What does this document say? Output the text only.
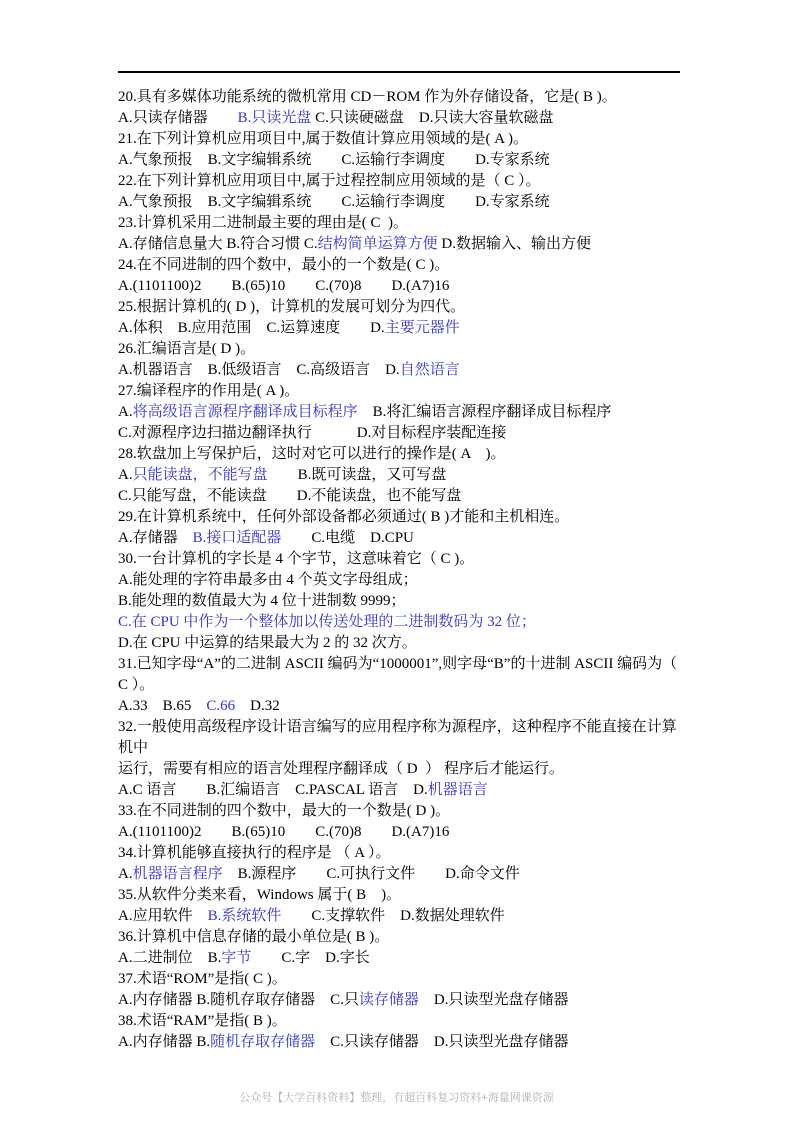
20.具有多媒体功能系统的微机常用 CD－ROM 作为外存储设备，它是( B )。
A.只读存储器　　B.只读光盘 C.只读硬磁盘　D.只读大容量软磁盘
21.在下列计算机应用项目中,属于数值计算应用领域的是( A )。
A.气象预报　B.文字编辑系统　　C.运输行李调度　　D.专家系统
22.在下列计算机应用项目中,属于过程控制应用领域的是（ C ）。
A.气象预报　B.文字编辑系统　　C.运输行李调度　　D.专家系统
23.计算机采用二进制最主要的理由是( C  )。
A.存储信息量大 B.符合习惯 C.结构简单运算方便 D.数据输入、输出方便
24.在不同进制的四个数中，最小的一个数是( C )。
A.(1101100)2　　B.(65)10　　C.(70)8　　D.(A7)16
25.根据计算机的( D )，计算机的发展可划分为四代。
A.体积　B.应用范围　C.运算速度　　D.主要元器件
26.汇编语言是( D )。
A.机器语言　B.低级语言　C.高级语言　D.自然语言
27.编译程序的作用是( A )。
A.将高级语言源程序翻译成目标程序　B.将汇编语言源程序翻译成目标程序
C.对源程序边扫描边翻译执行　　　D.对目标程序装配连接
28.软盘加上写保护后，这时对它可以进行的操作是( A　)。
A.只能读盘，不能写盘　　B.既可读盘，又可写盘
C.只能写盘，不能读盘　　D.不能读盘，也不能写盘
29.在计算机系统中，任何外部设备都必须通过( B )才能和主机相连。
A.存储器　B.接口适配器　　C.电缆　D.CPU
30.一台计算机的字长是 4 个字节，这意味着它（ C )。
A.能处理的字符串最多由 4 个英文字母组成；
B.能处理的数值最大为 4 位十进制数 9999；
C.在 CPU 中作为一个整体加以传送处理的二进制数码为 32 位；
D.在 CPU 中运算的结果最大为 2 的 32 次方。
31.已知字母“A”的二进制 ASCII 编码为“1000001”,则字母“B”的十进制 ASCII 编码为（ C ）。
A.33　B.65　C.66　D.32
32.一般使用高级程序设计语言编写的应用程序称为源程序，这种程序不能直接在计算机中
运行，需要有相应的语言处理程序翻译成（ D  ） 程序后才能运行。
A.C 语言　　B.汇编语言　C.PASCAL 语言　D.机器语言
33.在不同进制的四个数中，最大的一个数是( D )。
A.(1101100)2　　B.(65)10　　C.(70)8　　D.(A7)16
34.计算机能够直接执行的程序是 （ A ）。
A.机器语言程序　B.源程序　　C.可执行文件　　D.命令文件
35.从软件分类来看，Windows 属于( B　)。
A.应用软件　B.系统软件　　C.支撑软件　D.数据处理软件
36.计算机中信息存储的最小单位是( B )。
A.二进制位　B.字节　　C.字　D.字长
37.术语“ROM”是指( C )。
A.内存储器 B.随机存取存储器　C.只读存储器　D.只读型光盘存储器
38.术语“RAM”是指( B )。
A.内存储器 B.随机存取存储器　C.只读存储器　D.只读型光盘存储器
公众号【大学百科资料】整理，有超百科复习资料+海量网课资源
